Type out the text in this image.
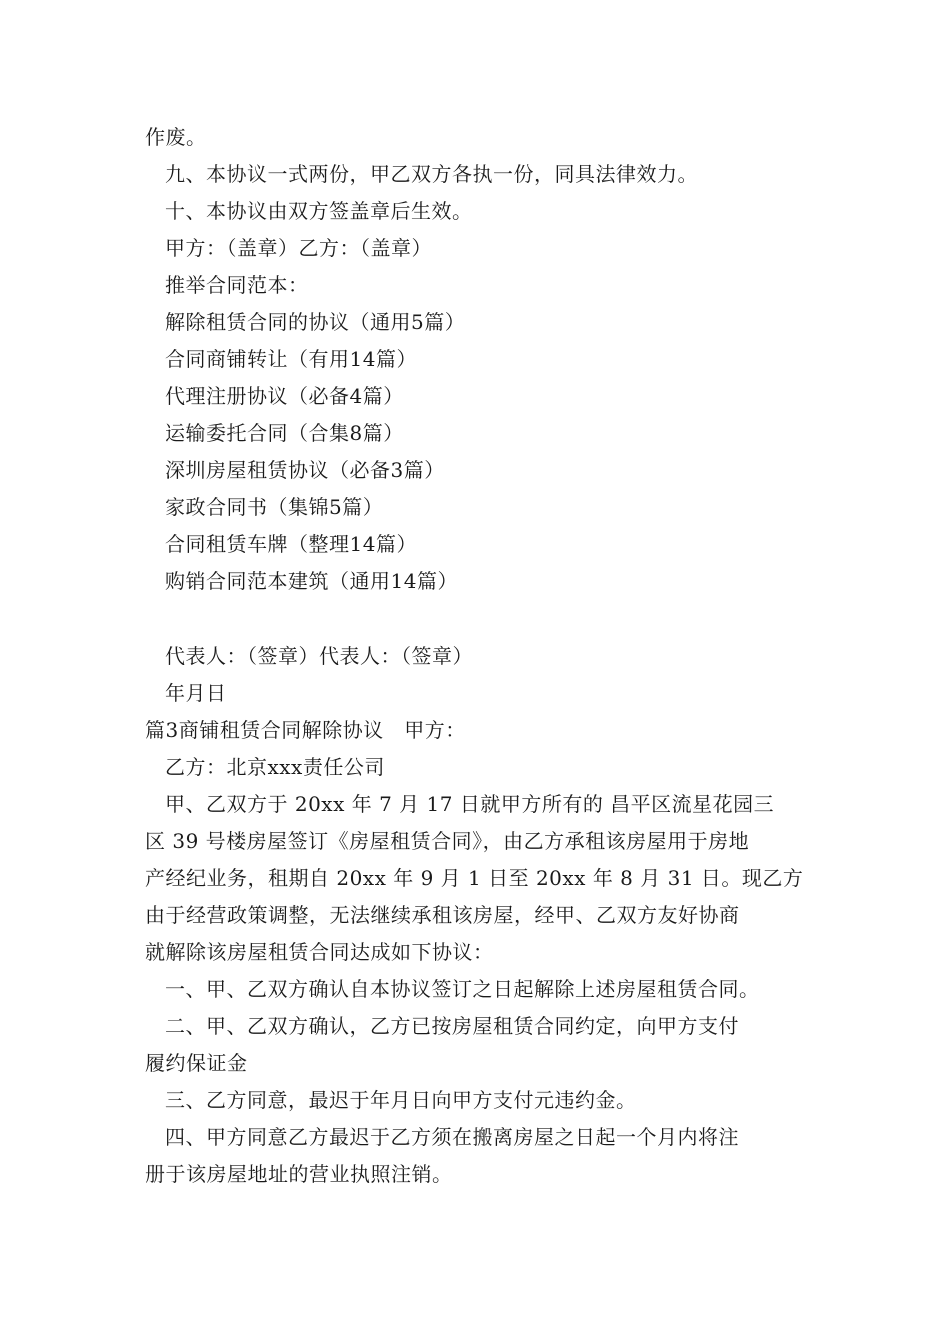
作废。
九、本协议一式两份，甲乙双方各执一份，同具法律效力。
十、本协议由双方签盖章后生效。
甲方：（盖章）乙方：（盖章）
推举合同范本：
解除租赁合同的协议（通用5篇）
合同商铺转让（有用14篇）
代理注册协议（必备4篇）
运输委托合同（合集8篇）
深圳房屋租赁协议（必备3篇）
家政合同书（集锦5篇）
合同租赁车牌（整理14篇）
购销合同范本建筑（通用14篇）
代表人：（签章）代表人：（签章）
年月日
篇3商铺租赁合同解除协议　甲方：
乙方：北京xxx责任公司
甲、乙双方于 20xx 年 7 月 17 日就甲方所有的 昌平区流星花园三
区 39 号楼房屋签订《房屋租赁合同》，由乙方承租该房屋用于房地
产经纪业务，租期自 20xx 年 9 月 1 日至 20xx 年 8 月 31 日。现乙方
由于经营政策调整，无法继续承租该房屋，经甲、乙双方友好协商
就解除该房屋租赁合同达成如下协议：
一、甲、乙双方确认自本协议签订之日起解除上述房屋租赁合同。
二、甲、乙双方确认，乙方已按房屋租赁合同约定，向甲方支付
履约保证金
三、乙方同意，最迟于年月日向甲方支付元违约金。
四、甲方同意乙方最迟于乙方须在搬离房屋之日起一个月内将注
册于该房屋地址的营业执照注销。
